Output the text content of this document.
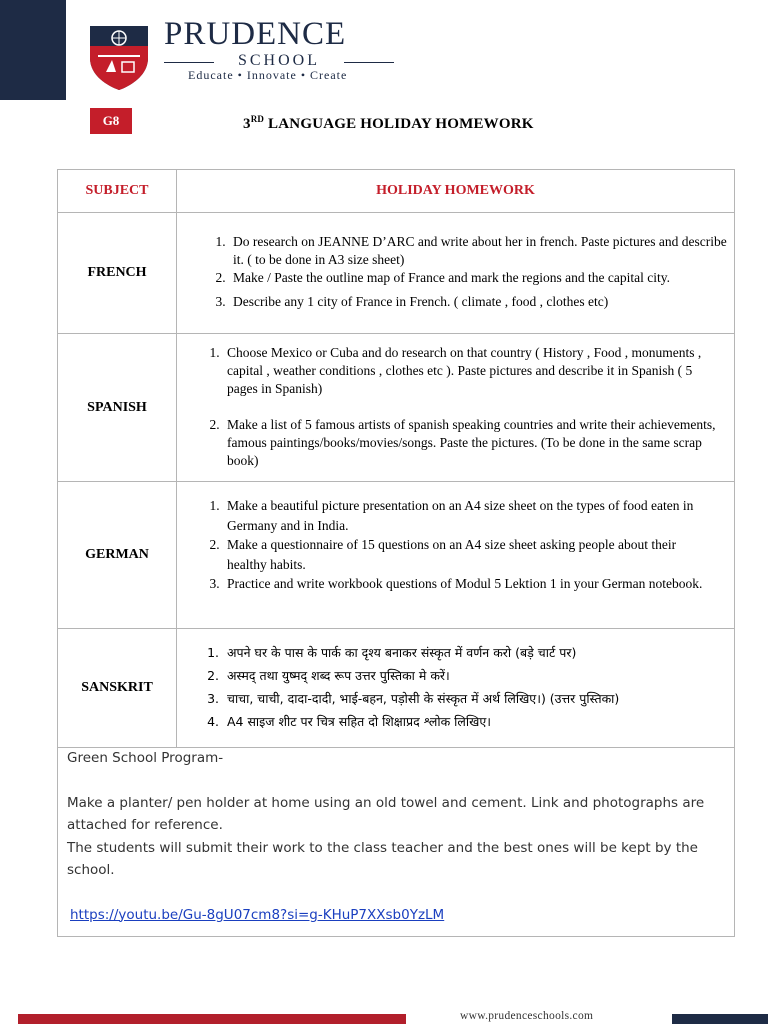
PRUDENCE
SCHOOL
Educate • Innovate • Create
G8	3RD LANGUAGE HOLIDAY HOMEWORK
SUBJECT	HOLIDAY HOMEWORK
FRENCH
1. Do research on JEANNE D’ARC and write about her in french. Paste pictures and describe it. ( to be done in A3 size sheet)
2. Make / Paste the outline map of France and mark the regions and the capital city.
3. Describe any 1 city of France in French. ( climate , food , clothes etc)
SPANISH
1. Choose Mexico or Cuba and do research on that country ( History , Food , monuments , capital , weather conditions , clothes etc ). Paste pictures and describe it in Spanish ( 5 pages in Spanish)
2. Make a list of 5 famous artists of spanish speaking countries and write their achievements, famous paintings/books/movies/songs. Paste the pictures. (To be done in the same scrap book)
GERMAN
1. Make a beautiful picture presentation on an A4 size sheet on the types of food eaten in Germany and in India.
2. Make a questionnaire of 15 questions on an A4 size sheet asking people about their healthy habits.
3. Practice and write workbook questions of Modul 5 Lektion 1 in your German notebook.
SANSKRIT
1. अपने घर के पास के पार्क का दृश्य बनाकर संस्कृत में वर्णन करो (बड़े चार्ट पर)
2. अस्मद् तथा युष्मद् शब्द रूप उत्तर पुस्तिका मे करें।
3. चाचा, चाची, दादा-दादी, भाई-बहन, पड़ोसी के संस्कृत में अर्थ लिखिए।) (उत्तर पुस्तिका)
4. A4 साइज शीट पर चित्र सहित दो शिक्षाप्रद श्लोक लिखिए।

Green School Program-

Make a planter/ pen holder at home using an old towel and cement. Link and photographs are attached for reference.

The students will submit their work to the class teacher and the best ones will be kept by the school.

https://youtu.be/Gu-8gU07cm8?si=g-KHuP7XXsb0YzLM

www.prudenceschools.com
